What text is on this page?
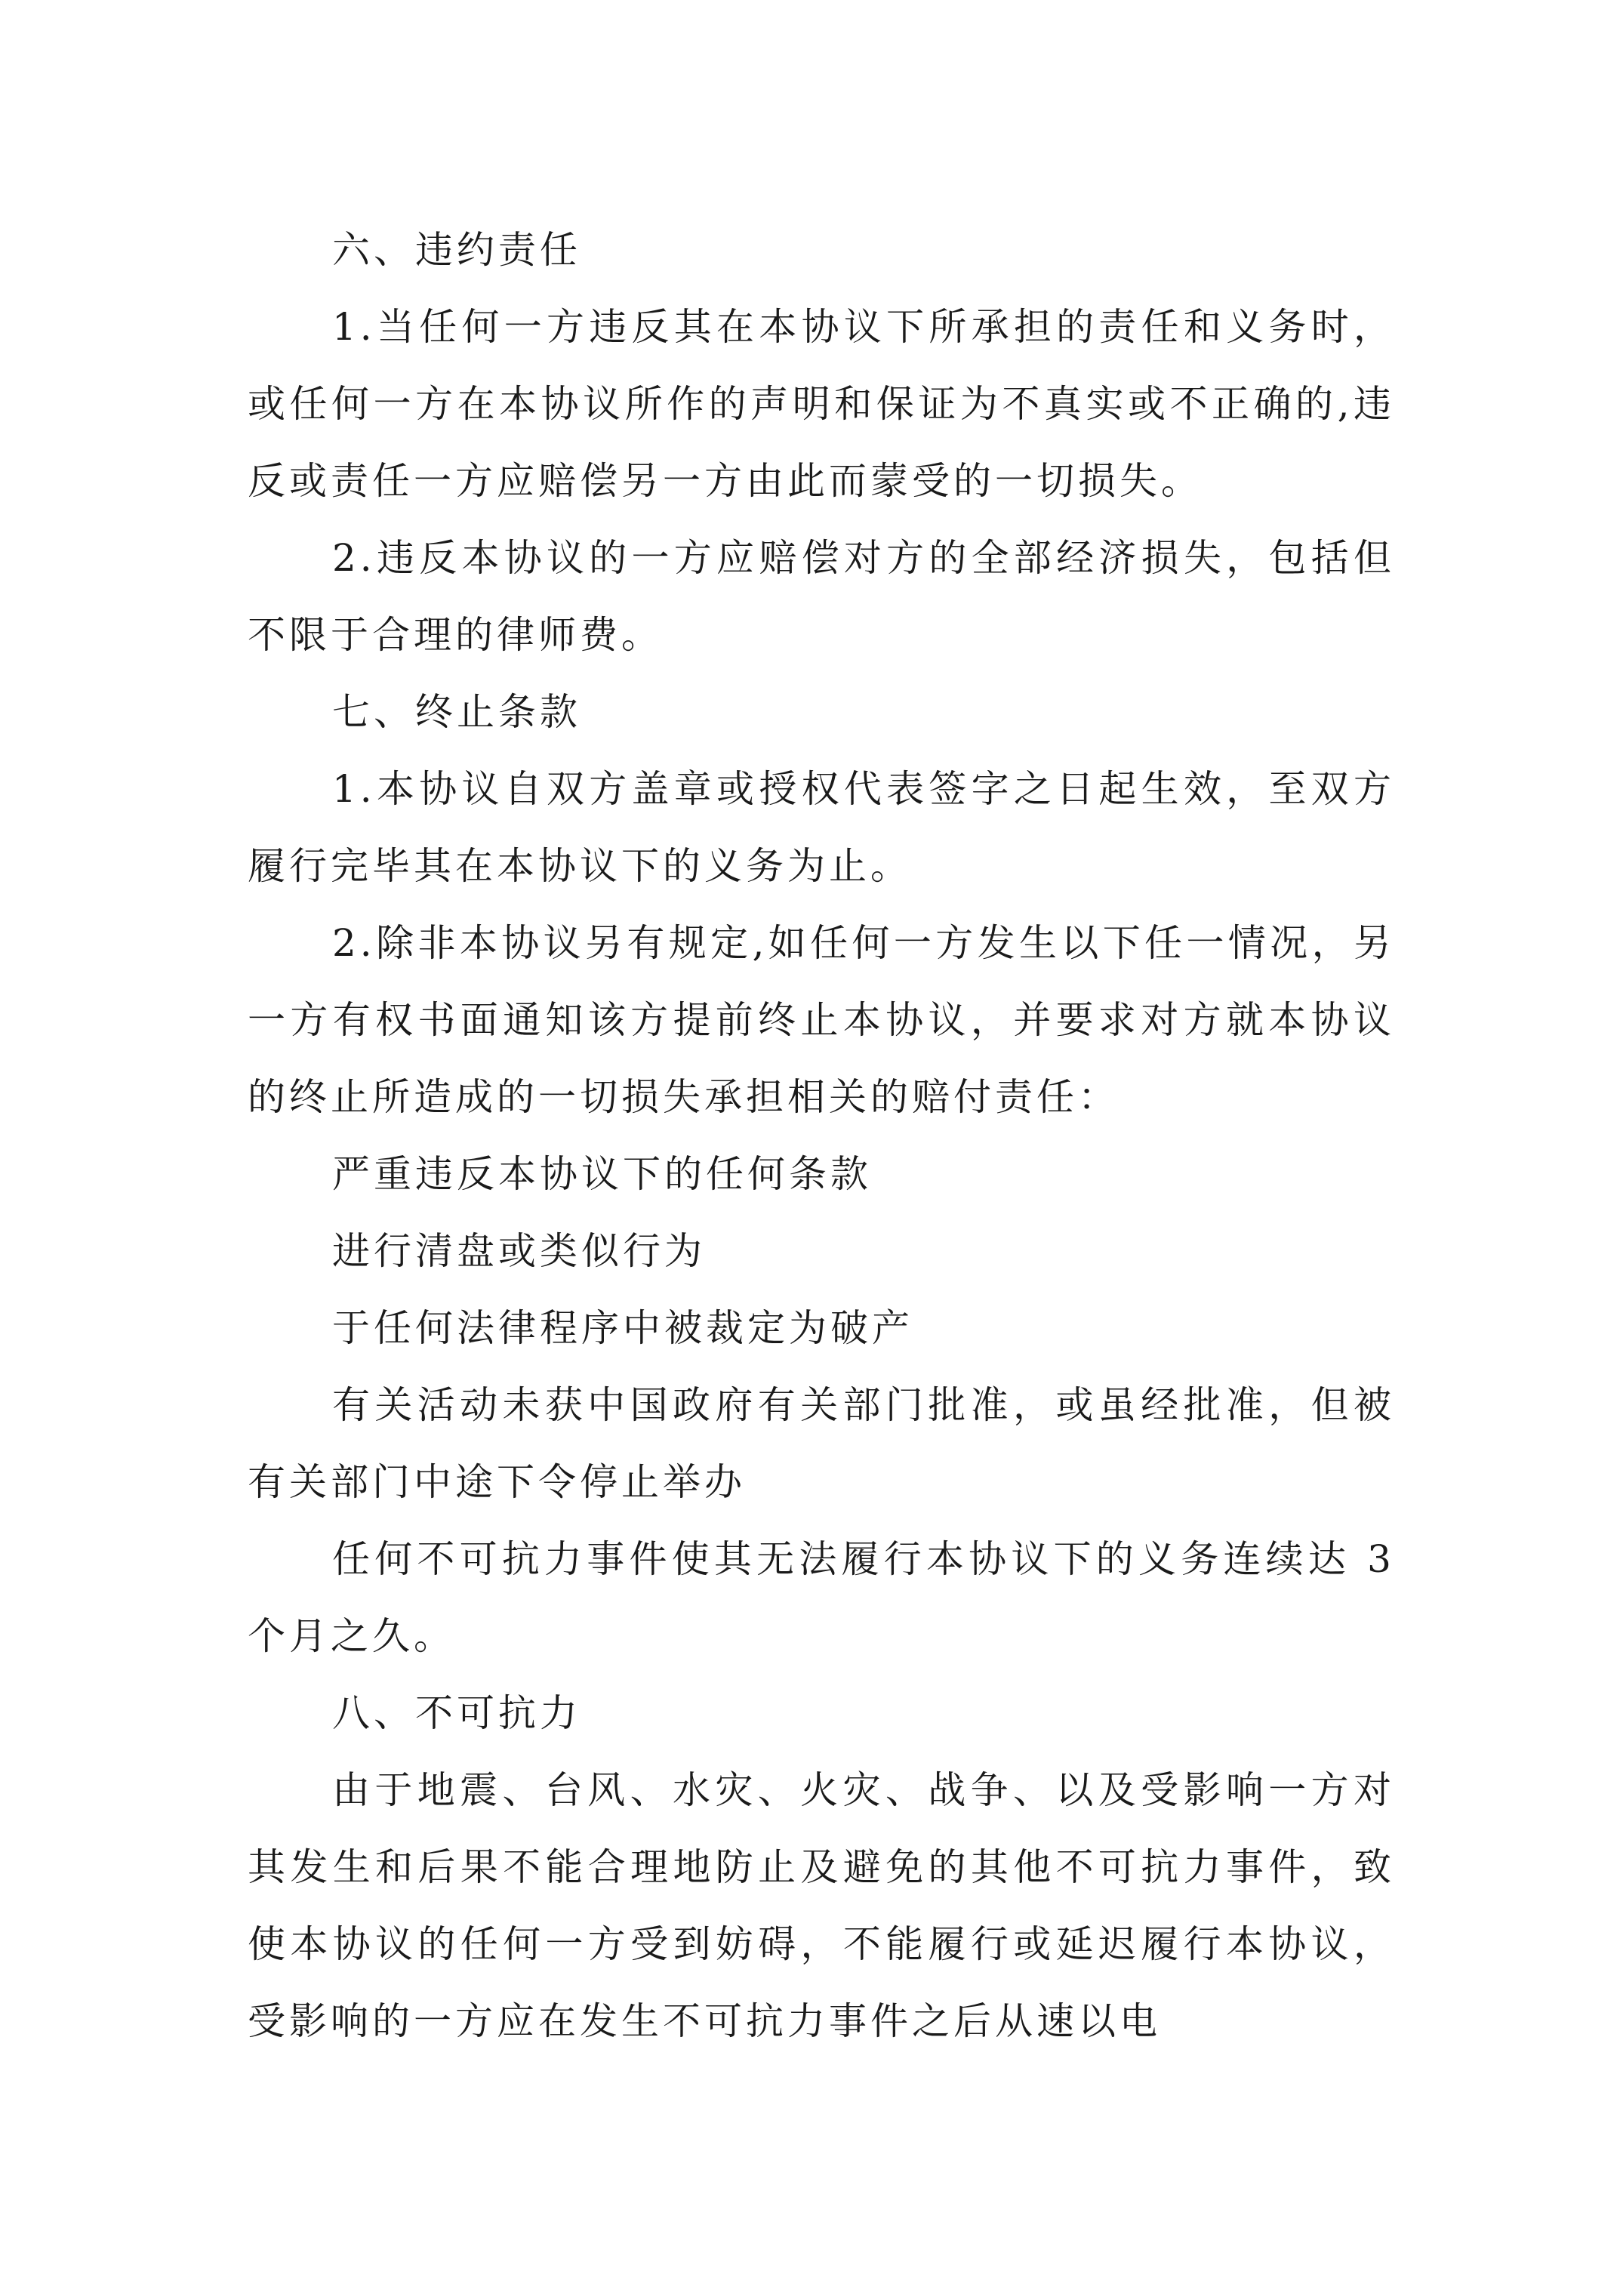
六、违约责任

1.当任何一方违反其在本协议下所承担的责任和义务时，或任何一方在本协议所作的声明和保证为不真实或不正确的,违反或责任一方应赔偿另一方由此而蒙受的一切损失。

2.违反本协议的一方应赔偿对方的全部经济损失，包括但不限于合理的律师费。

七、终止条款

1.本协议自双方盖章或授权代表签字之日起生效，至双方履行完毕其在本协议下的义务为止。

2.除非本协议另有规定,如任何一方发生以下任一情况，另一方有权书面通知该方提前终止本协议，并要求对方就本协议的终止所造成的一切损失承担相关的赔付责任：

严重违反本协议下的任何条款

进行清盘或类似行为

于任何法律程序中被裁定为破产

有关活动未获中国政府有关部门批准，或虽经批准，但被有关部门中途下令停止举办

任何不可抗力事件使其无法履行本协议下的义务连续达 3 个月之久。

八、不可抗力

由于地震、台风、水灾、火灾、战争、以及受影响一方对其发生和后果不能合理地防止及避免的其他不可抗力事件，致使本协议的任何一方受到妨碍，不能履行或延迟履行本协议，受影响的一方应在发生不可抗力事件之后从速以电
